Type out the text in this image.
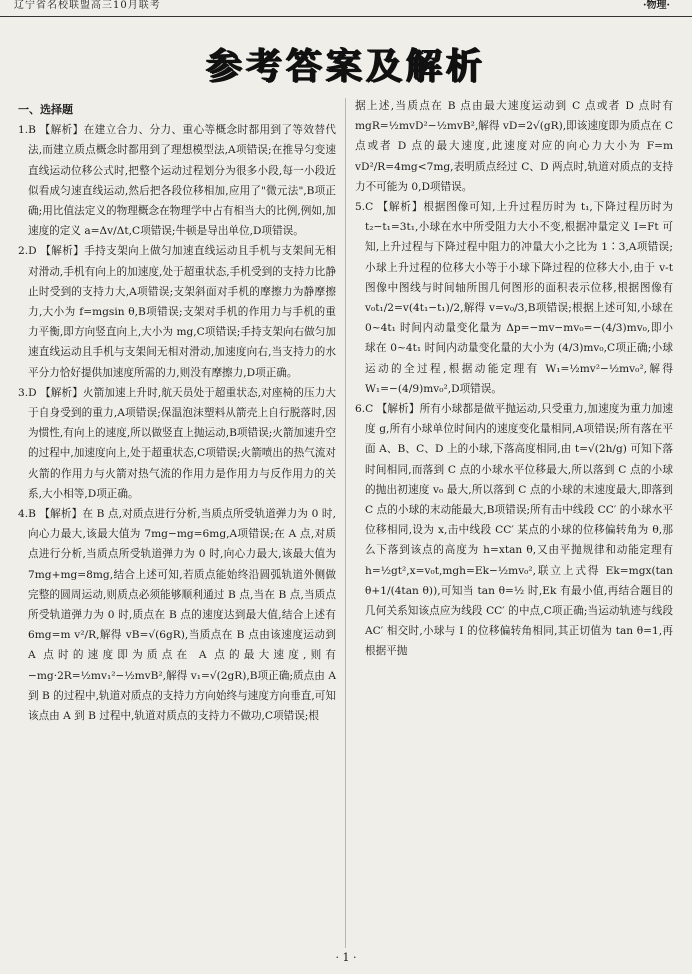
辽宁省名校联盟高三10月联考	·物理·
参考答案及解析

一、选择题

1.B 【解析】在建立合力、分力、重心等概念时都用到了等效替代法,而建立质点概念时都用到了理想模型法,A项错误;在推导匀变速直线运动位移公式时,把整个运动过程划分为很多小段,每一小段近似看成匀速直线运动,然后把各段位移相加,应用了"微元法",B项正确;用比值法定义的物理概念在物理学中占有相当大的比例,例如,加速度的定义 a=Δv/Δt,C项错误;牛顿是导出单位,D项错误。

2.D 【解析】手持支架向上做匀加速直线运动且手机与支架间无相对滑动,手机有向上的加速度,处于超重状态,手机受到的支持力比静止时受到的支持力大,A项错误;支架斜面对手机的摩擦力为静摩擦力,大小为 f=mgsin θ,B项错误;支架对手机的作用力与手机的重力平衡,即方向竖直向上,大小为 mg,C项错误;手持支架向右做匀加速直线运动且手机与支架间无相对滑动,加速度向右,当支持力的水平分力恰好提供加速度所需的力,则没有摩擦力,D项正确。

3.D 【解析】火箭加速上升时,航天员处于超重状态,对座椅的压力大于自身受到的重力,A项错误;保温泡沫塑料从箭壳上自行脱落时,因为惯性,有向上的速度,所以做竖直上抛运动,B项错误;火箭加速升空的过程中,加速度向上,处于超重状态,C项错误;火箭喷出的热气流对火箭的作用力与火箭对热气流的作用力是作用力与反作用力的关系,大小相等,D项正确。

4.B 【解析】在 B 点,对质点进行分析,当质点所受轨道弹力为 0 时,向心力最大,该最大值为 7mg−mg=6mg,A项错误;在 A 点,对质点进行分析,当质点所受轨道弹力为 0 时,向心力最大,该最大值为 7mg+mg=8mg,结合上述可知,若质点能始终沿圆弧轨道外侧做完整的圆周运动,则质点必须能够顺利通过 B 点,当在 B 点,当质点所受轨道弹力为 0 时,质点在 B 点的速度达到最大值,结合上述有 6mg=m v²/R,解得 vB=√(6gR),当质点在 B 点由该速度运动到 A 点时的速度即为质点在 A 点的最大速度,则有 −mg·2R=½mv₁²−½mvB²,解得 v₁=√(2gR),B项正确;质点由 A 到 B 的过程中,轨道对质点的支持力方向始终与速度方向垂直,可知该点由 A 到 B 过程中,轨道对质点的支持力不做功,C项错误;根

据上述,当质点在 B 点由最大速度运动到 C 点或者 D 点时有 mgR=½mvD²−½mvB²,解得 vD=2√(gR),即该速度即为质点在 C 点或者 D 点的最大速度,此速度对应的向心力大小为 F=m vD²/R=4mg<7mg,表明质点经过 C、D 两点时,轨道对质点的支持力不可能为 0,D项错误。

5.C 【解析】根据图像可知,上升过程历时为 t₁,下降过程历时为 t₂−t₁=3t₁,小球在水中所受阻力大小不变,根据冲量定义 I=Ft 可知,上升过程与下降过程中阻力的冲量大小之比为 1∶3,A项错误;小球上升过程的位移大小等于小球下降过程的位移大小,由于 v-t 图像中图线与时间轴所围几何图形的面积表示位移,根据图像有 v₀t₁/2=v(4t₁−t₁)/2,解得 v=v₀/3,B项错误;根据上述可知,小球在 0~4t₁ 时间内动量变化量为 Δp=−mv−mv₀=−(4/3)mv₀,即小球在 0~4t₁ 时间内动量变化量的大小为 (4/3)mv₀,C项正确;小球运动的全过程,根据动能定理有 W₁=½mv²−½mv₀²,解得 W₁=−(4/9)mv₀²,D项错误。

6.C 【解析】所有小球都是做平抛运动,只受重力,加速度为重力加速度 g,所有小球单位时间内的速度变化量相同,A项错误;所有落在平面 A、B、C、D 上的小球,下落高度相同,由 t=√(2h/g) 可知下落时间相同,而落到 C 点的小球水平位移最大,所以落到 C 点的小球的抛出初速度 v₀ 最大,所以落到 C 点的小球的末速度最大,即落到 C 点的小球的末动能最大,B项错误;所有击中线段 CC′ 的小球水平位移相同,设为 x,击中线段 CC′ 某点的小球的位移偏转角为 θ,那么下落到该点的高度为 h=xtan θ,又由平抛规律和动能定理有 h=½gt²,x=v₀t,mgh=Ek−½mv₀²,联立上式得 Ek=mgx(tan θ+1/(4tan θ)),可知当 tan θ=½ 时,Ek 有最小值,再结合题目的几何关系知该点应为线段 CC′ 的中点,C项正确;当运动轨迹与线段 AC′ 相交时,小球与 I 的位移偏转角相同,其正切值为 tan θ=1,再根据平抛

· 1 ·
